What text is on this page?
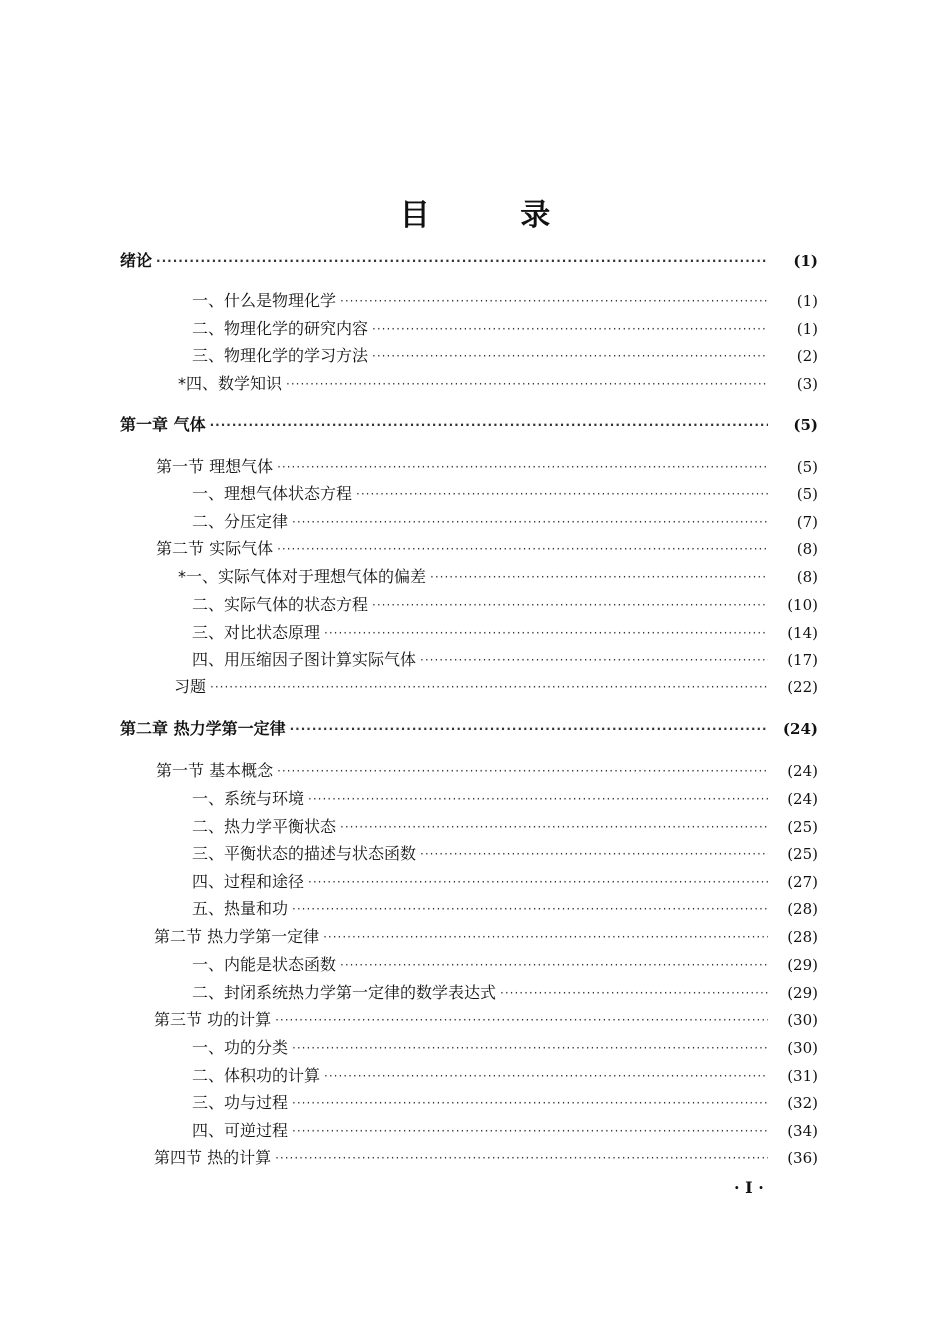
目 录
绪论 ·····	(1)
一、什么是物理化学 ·····	(1)
二、物理化学的研究内容 ·····	(1)
三、物理化学的学习方法 ·····	(2)
*四、数学知识 ·····	(3)
第一章 气体 ·····	(5)
第一节 理想气体 ·····	(5)
一、理想气体状态方程 ·····	(5)
二、分压定律 ·····	(7)
第二节 实际气体 ·····	(8)
*一、实际气体对于理想气体的偏差 ·····	(8)
二、实际气体的状态方程 ·····	(10)
三、对比状态原理 ·····	(14)
四、用压缩因子图计算实际气体 ·····	(17)
习题 ·····	(22)
第二章 热力学第一定律 ·····	(24)
第一节 基本概念 ·····	(24)
一、系统与环境 ·····	(24)
二、热力学平衡状态 ·····	(25)
三、平衡状态的描述与状态函数 ·····	(25)
四、过程和途径 ·····	(27)
五、热量和功 ·····	(28)
第二节 热力学第一定律 ·····	(28)
一、内能是状态函数 ·····	(29)
二、封闭系统热力学第一定律的数学表达式 ·····	(29)
第三节 功的计算 ·····	(30)
一、功的分类 ·····	(30)
二、体积功的计算 ·····	(31)
三、功与过程 ·····	(32)
四、可逆过程 ·····	(34)
第四节 热的计算 ·····	(36)
· Ⅰ ·
